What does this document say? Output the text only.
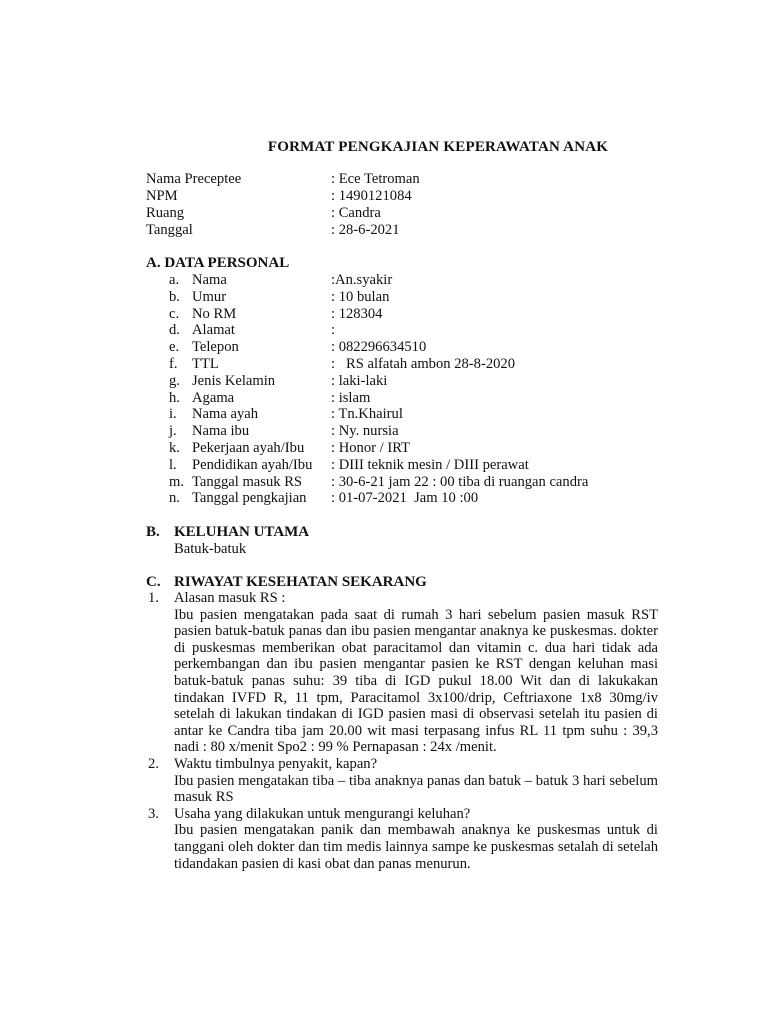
FORMAT PENGKAJIAN KEPERAWATAN ANAK
Nama Preceptee	: Ece Tetroman
NPM	: 1490121084
Ruang	: Candra
Tanggal	: 28-6-2021
A. DATA PERSONAL
a. Nama	:An.syakir
b. Umur	: 10 bulan
c. No RM	: 128304
d. Alamat	:
e. Telepon	: 082296634510
f. TTL	:   RS alfatah ambon 28-8-2020
g. Jenis Kelamin	: laki-laki
h. Agama	: islam
i. Nama ayah	: Tn.Khairul
j. Nama ibu	: Ny. nursia
k. Pekerjaan ayah/Ibu : Honor / IRT
l. Pendidikan ayah/Ibu : DIII teknik mesin / DIII perawat
m. Tanggal masuk RS : 30-6-21 jam 22 : 00 tiba di ruangan candra
n. Tanggal pengkajian : 01-07-2021  Jam 10 :00
B. KELUHAN UTAMA
Batuk-batuk
C. RIWAYAT KESEHATAN SEKARANG
1. Alasan masuk RS :
Ibu pasien mengatakan pada saat di rumah 3 hari sebelum pasien masuk RST pasien batuk-batuk panas dan ibu pasien mengantar anaknya ke puskesmas. dokter di puskesmas memberikan obat paracitamol dan vitamin c. dua hari tidak ada perkembangan dan ibu pasien mengantar pasien ke RST dengan keluhan masi batuk-batuk panas suhu: 39 tiba di IGD pukul 18.00 Wit dan di lakukakan tindakan IVFD R, 11 tpm, Paracitamol 3x100/drip, Ceftriaxone 1x8 30mg/iv setelah di lakukan tindakan di IGD pasien masi di observasi setelah itu pasien di antar ke Candra tiba jam 20.00 wit masi terpasang infus RL 11 tpm suhu : 39,3 nadi : 80 x/menit Spo2 : 99 % Pernapasan : 24x /menit.
2. Waktu timbulnya penyakit, kapan?
Ibu pasien mengatakan tiba – tiba anaknya panas dan batuk – batuk 3 hari sebelum masuk RS
3. Usaha yang dilakukan untuk mengurangi keluhan?
Ibu pasien mengatakan panik dan membawah anaknya ke puskesmas untuk di tanggani oleh dokter dan tim medis lainnya sampe ke puskesmas setalah di setelah tidandakan pasien di kasi obat dan panas menurun.
